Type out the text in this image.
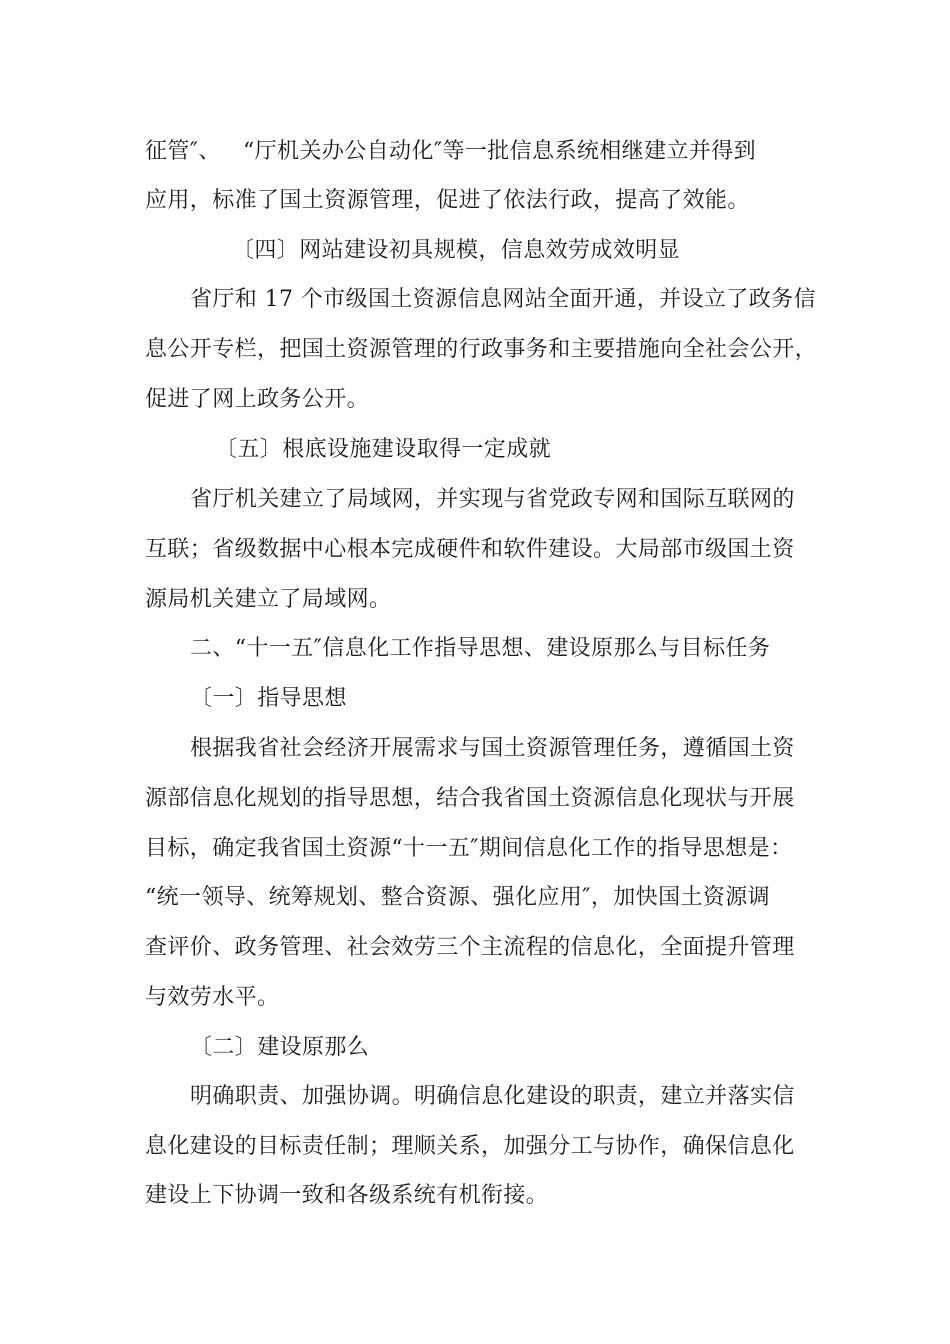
征管″、   “厅机关办公自动化″等一批信息系统相继建立并得到
应用，标准了国土资源管理，促进了依法行政，提高了效能。
〔四〕网站建设初具规模，信息效劳成效明显
省厅和 17 个市级国土资源信息网站全面开通，并设立了政务信
息公开专栏，把国土资源管理的行政事务和主要措施向全社会公开，
促进了网上政务公开。
〔五〕根底设施建设取得一定成就
省厅机关建立了局域网，并实现与省党政专网和国际互联网的
互联；省级数据中心根本完成硬件和软件建设。大局部市级国土资
源局机关建立了局域网。
二、“十一五″信息化工作指导思想、建设原那么与目标任务
〔一〕指导思想
根据我省社会经济开展需求与国土资源管理任务，遵循国土资
源部信息化规划的指导思想，结合我省国土资源信息化现状与开展
目标，确定我省国土资源“十一五″期间信息化工作的指导思想是：
“统一领导、统筹规划、整合资源、强化应用″，加快国土资源调
查评价、政务管理、社会效劳三个主流程的信息化，全面提升管理
与效劳水平。
〔二〕建设原那么
明确职责、加强协调。明确信息化建设的职责，建立并落实信
息化建设的目标责任制；理顺关系，加强分工与协作，确保信息化
建设上下协调一致和各级系统有机衔接。
